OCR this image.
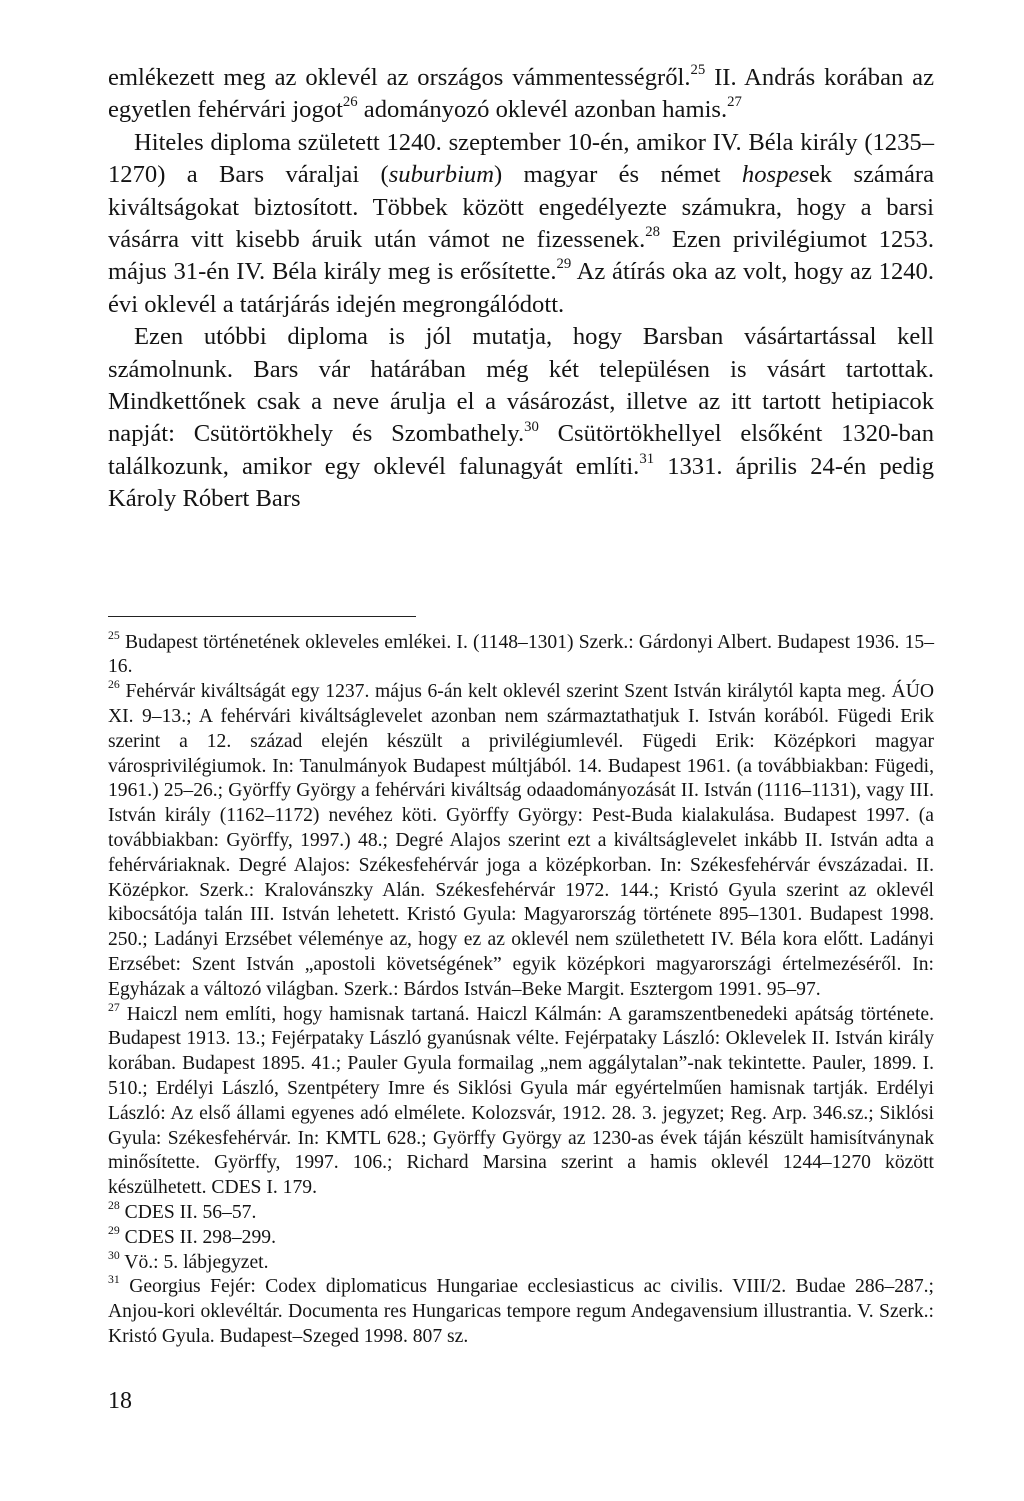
emlékezett meg az oklevél az országos vámmentességről.$^{25}$ II. András korában az egyetlen fehérvári jogot$^{26}$ adományozó oklevél azonban hamis.$^{27}$

Hiteles diploma született 1240. szeptember 10-én, amikor IV. Béla király (1235–1270) a Bars váraljai (suburbium) magyar és német hospesek számára kiváltságokat biztosított. Többek között engedélyezte számukra, hogy a barsi vásárra vitt kisebb áruik után vámot ne fizessenek.$^{28}$ Ezen privilégiumot 1253. május 31-én IV. Béla király meg is erősítette.$^{29}$ Az átírás oka az volt, hogy az 1240. évi oklevél a tatárjárás idején megrongálódott.

Ezen utóbbi diploma is jól mutatja, hogy Barsban vásártartással kell számolnunk. Bars vár határában még két településen is vásárt tartottak. Mindkettőnek csak a neve árulja el a vásározást, illetve az itt tartott hetipiacok napját: Csütörtökhely és Szombathely.$^{30}$ Csütörtökhellyel elsőként 1320-ban találkozunk, amikor egy oklevél falunagyát említi.$^{31}$ 1331. április 24-én pedig Károly Róbert Bars

$^{25}$ Budapest történetének okleveles emlékei. I. (1148–1301) Szerk.: Gárdonyi Albert. Budapest 1936. 15–16.

$^{26}$ Fehérvár kiváltságát egy 1237. május 6-án kelt oklevél szerint Szent István királytól kapta meg. ÁÚO XI. 9–13.; A fehérvári kiváltságlevelet azonban nem származtathatjuk I. István korából. Fügedi Erik szerint a 12. század elején készült a privilégiumlevél. Fügedi Erik: Középkori magyar városprivilégiumok. In: Tanulmányok Budapest múltjából. 14. Budapest 1961. (a továbbiakban: Fügedi, 1961.) 25–26.; Györffy György a fehérvári kiváltság odaadományozását II. István (1116–1131), vagy III. István király (1162–1172) nevéhez köti. Györffy György: Pest-Buda kialakulása. Budapest 1997. (a továbbiakban: Györffy, 1997.) 48.; Degré Alajos szerint ezt a kiváltságlevelet inkább II. István adta a fehérváriaknak. Degré Alajos: Székesfehérvár joga a középkorban. In: Székesfehérvár évszázadai. II. Középkor. Szerk.: Kralovánszky Alán. Székesfehérvár 1972. 144.; Kristó Gyula szerint az oklevél kibocsátója talán III. István lehetett. Kristó Gyula: Magyarország története 895–1301. Budapest 1998. 250.; Ladányi Erzsébet véleménye az, hogy ez az oklevél nem születhetett IV. Béla kora előtt. Ladányi Erzsébet: Szent István „apostoli követségének” egyik középkori magyarországi értelmezéséről. In: Egyházak a változó világban. Szerk.: Bárdos István–Beke Margit. Esztergom 1991. 95–97.

$^{27}$ Haiczl nem említi, hogy hamisnak tartaná. Haiczl Kálmán: A garamszentbenedeki apátság története. Budapest 1913. 13.; Fejérpataky László gyanúsnak vélte. Fejérpataky László: Oklevelek II. István király korában. Budapest 1895. 41.; Pauler Gyula formailag „nem aggálytalan”-nak tekintette. Pauler, 1899. I. 510.; Erdélyi László, Szentpétery Imre és Siklósi Gyula már egyértelműen hamisnak tartják. Erdélyi László: Az első állami egyenes adó elmélete. Kolozsvár, 1912. 28. 3. jegyzet; Reg. Arp. 346.sz.; Siklósi Gyula: Székesfehérvár. In: KMTL 628.; Györffy György az 1230-as évek táján készült hamisítványnak minősítette. Györffy, 1997. 106.; Richard Marsina szerint a hamis oklevél 1244–1270 között készülhetett. CDES I. 179.

$^{28}$ CDES II. 56–57.

$^{29}$ CDES II. 298–299.

$^{30}$ Vö.: 5. lábjegyzet.

$^{31}$ Georgius Fejér: Codex diplomaticus Hungariae ecclesiasticus ac civilis. VIII/2. Budae 286–287.; Anjou-kori oklevéltár. Documenta res Hungaricas tempore regum Andegavensium illustrantia. V. Szerk.: Kristó Gyula. Budapest–Szeged 1998. 807 sz.

18
